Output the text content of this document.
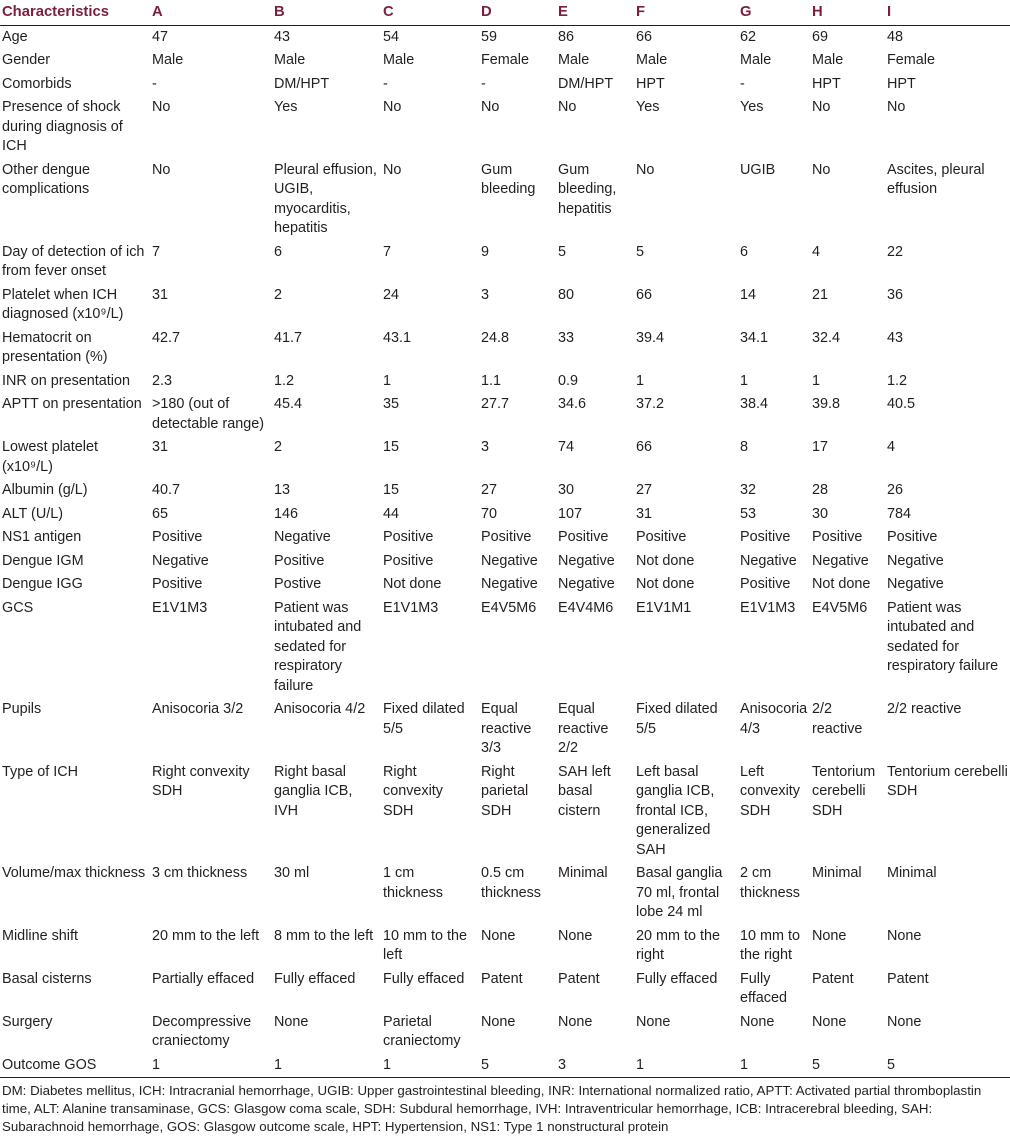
Characteristics	A	B	C	D	E	F	G	H	I
Age	47	43	54	59	86	66	62	69	48
Gender	Male	Male	Male	Female	Male	Male	Male	Male	Female
Comorbids	-	DM/HPT	-	-	DM/HPT	HPT	-	HPT	HPT
Presence of shock during diagnosis of ICH	No	Yes	No	No	No	Yes	Yes	No	No
Other dengue complications	No	Pleural effusion, UGIB, myocarditis, hepatitis	No	Gum bleeding	Gum bleeding, hepatitis	No	UGIB	No	Ascites, pleural effusion
Day of detection of ich from fever onset	7	6	7	9	5	5	6	4	22
Platelet when ICH diagnosed (x10⁹/L)	31	2	24	3	80	66	14	21	36
Hematocrit on presentation (%)	42.7	41.7	43.1	24.8	33	39.4	34.1	32.4	43
INR on presentation	2.3	1.2	1	1.1	0.9	1	1	1	1.2
APTT on presentation	>180 (out of detectable range)	45.4	35	27.7	34.6	37.2	38.4	39.8	40.5
Lowest platelet (x10⁹/L)	31	2	15	3	74	66	8	17	4
Albumin (g/L)	40.7	13	15	27	30	27	32	28	26
ALT (U/L)	65	146	44	70	107	31	53	30	784
NS1 antigen	Positive	Negative	Positive	Positive	Positive	Positive	Positive	Positive	Positive
Dengue IGM	Negative	Positive	Positive	Negative	Negative	Not done	Negative	Negative	Negative
Dengue IGG	Positive	Postive	Not done	Negative	Negative	Not done	Positive	Not done	Negative
GCS	E1V1M3	Patient was intubated and sedated for respiratory failure	E1V1M3	E4V5M6	E4V4M6	E1V1M1	E1V1M3	E4V5M6	Patient was intubated and sedated for respiratory failure
Pupils	Anisocoria 3/2	Anisocoria 4/2	Fixed dilated 5/5	Equal reactive 3/3	Equal reactive 2/2	Fixed dilated 5/5	Anisocoria 4/3	2/2 reactive	2/2 reactive
Type of ICH	Right convexity SDH	Right basal ganglia ICB, IVH	Right convexity SDH	Right parietal SDH	SAH left basal cistern	Left basal ganglia ICB, frontal ICB, generalized SAH	Left convexity SDH	Tentorium cerebelli SDH	Tentorium cerebelli SDH
Volume/max thickness	3 cm thickness	30 ml	1 cm thickness	0.5 cm thickness	Minimal	Basal ganglia 70 ml, frontal lobe 24 ml	2 cm thickness	Minimal	Minimal
Midline shift	20 mm to the left	8 mm to the left	10 mm to the left	None	None	20 mm to the right	10 mm to the right	None	None
Basal cisterns	Partially effaced	Fully effaced	Fully effaced	Patent	Patent	Fully effaced	Fully effaced	Patent	Patent
Surgery	Decompressive craniectomy	None	Parietal craniectomy	None	None	None	None	None	None
Outcome GOS	1	1	1	5	3	1	1	5	5
DM: Diabetes mellitus, ICH: Intracranial hemorrhage, UGIB: Upper gastrointestinal bleeding, INR: International normalized ratio, APTT: Activated partial thromboplastin time, ALT: Alanine transaminase, GCS: Glasgow coma scale, SDH: Subdural hemorrhage, IVH: Intraventricular hemorrhage, ICB: Intracerebral bleeding, SAH: Subarachnoid hemorrhage, GOS: Glasgow outcome scale, HPT: Hypertension, NS1: Type 1 nonstructural protein
